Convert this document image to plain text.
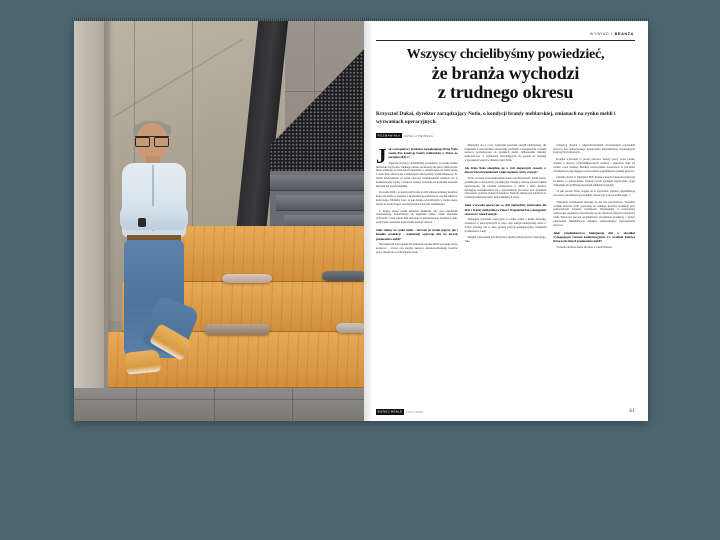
WYWIAD • BRANŻA
Wszyscy chcielibyśmy powiedzieć,
że branża wychodzi
z trudnego okresu
Krzysztof Dukai, dyrektor zarządzający Notio, o kondycji branży meblarskiej, zmianach na rynku mebli i wyzwaniach operacyjnych.
ROZMAWIAŁA ANNA LITWIŃSKA
Jak z perspektywy dyrektora zarządzającego firmą Notio ocenia Pan kondycję branży meblarskiej w Polsce na początku 2026 r.?
Zapewne wszyscy chcielibyśmy powiedzieć, że polska branża meblarska wychodzi z trudnego okresu, ale niestety nie jest to takie proste. Dane wskazują, że rentowność sprzedaży w naszym sektorze nadal spada, a wiele firm odnotowuje w minionym roku wyraźny wynik finansowy. Po latach dawniejszym, że rynek zbytowy konsekwentnie wielkość się w konkurencyjny lepiej, a krajowe zakupy pozostają na poziomie znacznie niższym niż przed pandemią.
Początek 2026 r. to nadal przybywają na siły zmiana struktury kosztów, która nie ulżyła w zasadzie z modernizacją podstawowa cen dla odbiorcy końcowego. Widzimy więc, że jako branża wracalibyśmy w trudne okres, istotny ze szybą bogaci rozwiązywaniach korzyść stabilniejsze.
Z drugiej strony polski przemysł meblarski cały czas przechodzi transformację. Konsolidacja się segmentu rynku, rośnie znaczenie cyfryzacji i coraz więcej firm inwestuje w automatyzację. Trudniej to jako pozytywne i naturalne dojrzewanie naszego sektora.
Jakie zmiany na rynku mebli – zarówno po stronie popytu, jak i kanałów produkcji – najmocniej wpływają dziś na decyzje producentów mebli?
Największym wyzwaniem dla większości producentów pozostaje presja kosztowa – wzrost cen energii, surowca drewnopochodnego kosztów pracy zbiegło się w tym samym czasie.
Mierzymy się z coraz wyższymi kosztami energii elektrycznej, dla przykładu. Coraz bardziej odczuwamy problemy z dostępnością i cenami surowca pochodzącego do produkcji mebli. Jednocześnie musimy funkcjonować w wymiarach utrzymujących się popytu na artykuły wyposażenia wnętrz w dalszej części firmy.
Jak firma Notio odnajduje się w tych niepewnych czasach, w nieoczywistych kontekstach i jakie segmenty oferty rozwija?
Notio od wielu lat konsekwentnie stawia na elastyczność, płytki zestaw produkcyjne i elastyczność produkcyjną. Dzięki w obecne zarówno mebli tapicerowane, jak również szczegółowe w 100% z dużo dostawa dyfuzyjną, konsekwentnie się z optymalizacji procesów, pod systemem rentowność postawa transzych kanałów. Naszym zmianą jest zdolność do realizacji zamówień serii i indywidualizacji oferty.
Jakie wyzwania operacyjne są dziś najbardziej odczuwalne dla firm z branży meblarskiej w Polsce? Wspomniał Pan o dostępności surowców i cenach energii...
Dzisiejsze wyzwania operacyjne to realna walka o każdą złotówkę, zwłaszcza w nieoczywistych są więc ceny energii elektrycznej, które w Polsce stawiają nas w dużo gorszej pozycji konkurencyjnej względem producentów z Azji.
Drugim wyzwaniem jest drastyczny spadek podaży surowca dębowego. Jako
technolog drzewa z nieprzekraczalnym obowiązanym poprzednik surowca bez jednoczesnego dostarczania mechanizmów wspierających krajowych producentów.
Kolejne wyzwanie to presja płacowa. Koszty pracy rosną bardzo szybko, a dotyczy wykwalifikowanych stolarzy i tapicerów staje się bardzo coraz trudniej. Musimy równocześnie inwestować w potrzebne przemysłowe przyciągające i nowoczesne wygodniejsze systemy płacowe.
Ostatnie obszar to logistyka i EDI. Rosnące koszty transportu wpływają na marżę, co naszej marże. Sytuacja wcale wymagał regulacyjnie wyjąc dokładanie do dotkliwego kosztami administracyjnymi.
W jaki sposób Notio reaguje na te wyzwania: poprzez optymalizację procesów, automatyzację produkcji, inwestycje w nowe technologie...?
Wszystkie wymienione kierunki są dla nas priorytetowe. Wspólnie cechuje zbiorcze CNC pozwalają na redukcję kosztów produkcji przy jednoczesnym wzroście wydajności. Inwestujemy w nowoczesne technologie stopniowo, koncentrując się na obszarach dających najwyższy efekt. Kluczowa jest też optymalizacja zarządzania produkcją – wpływ planowania, minimalizacja odpadów, efektywniejsze wykorzystanie surowca.
Jakie przedsiębiorstwa funkcjonują dziś w słownikie wymagającym rzeczom konkurencyjnym. Co wrzóżnia Państwa firmę na tle innych producentów mebli?
W moim odczuciu nasza siła tkwi w trzech filarach.
BIZNES MEBLE LUTY 2026	41
